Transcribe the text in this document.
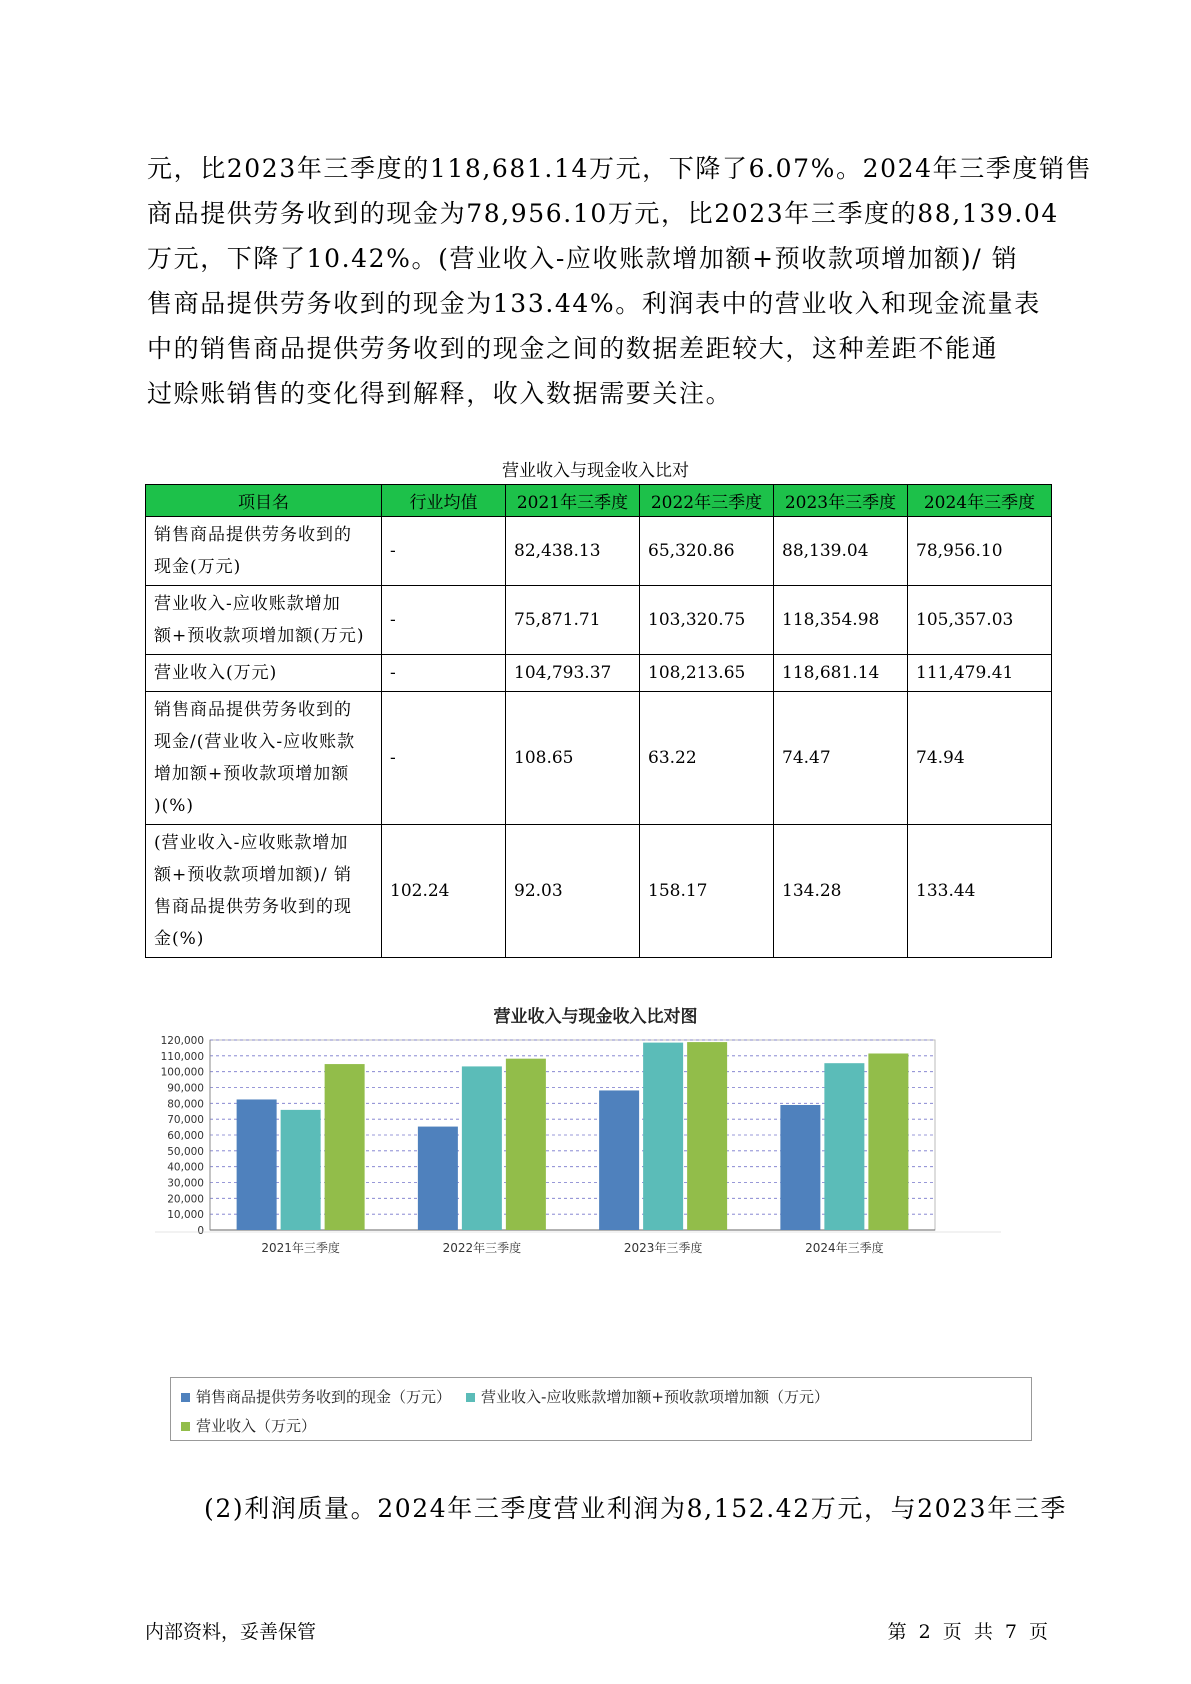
元，比2023年三季度的118,681.14万元，下降了6.07%。2024年三季度销售
商品提供劳务收到的现金为78,956.10万元，比2023年三季度的88,139.04
万元，下降了10.42%。(营业收入-应收账款增加额+预收款项增加额)/ 销
售商品提供劳务收到的现金为133.44%。利润表中的营业收入和现金流量表
中的销售商品提供劳务收到的现金之间的数据差距较大，这种差距不能通
过赊账销售的变化得到解释，收入数据需要关注。
营业收入与现金收入比对
项目名	行业均值	2021年三季度	2022年三季度	2023年三季度	2024年三季度

销售商品提供劳务收到的
现金(万元)	-	82,438.13	65,320.86	88,139.04	78,956.10

营业收入-应收账款增加
额+预收款项增加额(万元)	-	75,871.71	103,320.75	118,354.98	105,357.03

营业收入(万元)	-	104,793.37	108,213.65	118,681.14	111,479.41

销售商品提供劳务收到的
现金/(营业收入-应收账款
增加额+预收款项增加额
)(%)	-	108.65	63.22	74.47	74.94

(营业收入-应收账款增加
额+预收款项增加额)/ 销
售商品提供劳务收到的现
金(%)	102.24	92.03	158.17	134.28	133.44
营业收入与现金收入比对图
0
10,000
20,000
30,000
40,000
50,000
60,000
70,000
80,000
90,000
100,000
110,000
120,000
2021年三季度	2022年三季度	2023年三季度	2024年三季度
销售商品提供劳务收到的现金（万元）	营业收入-应收账款增加额+预收款项增加额（万元）
营业收入（万元）
(2)利润质量。2024年三季度营业利润为8,152.42万元，与2023年三季
内部资料，妥善保管	第 2 页 共 7 页
